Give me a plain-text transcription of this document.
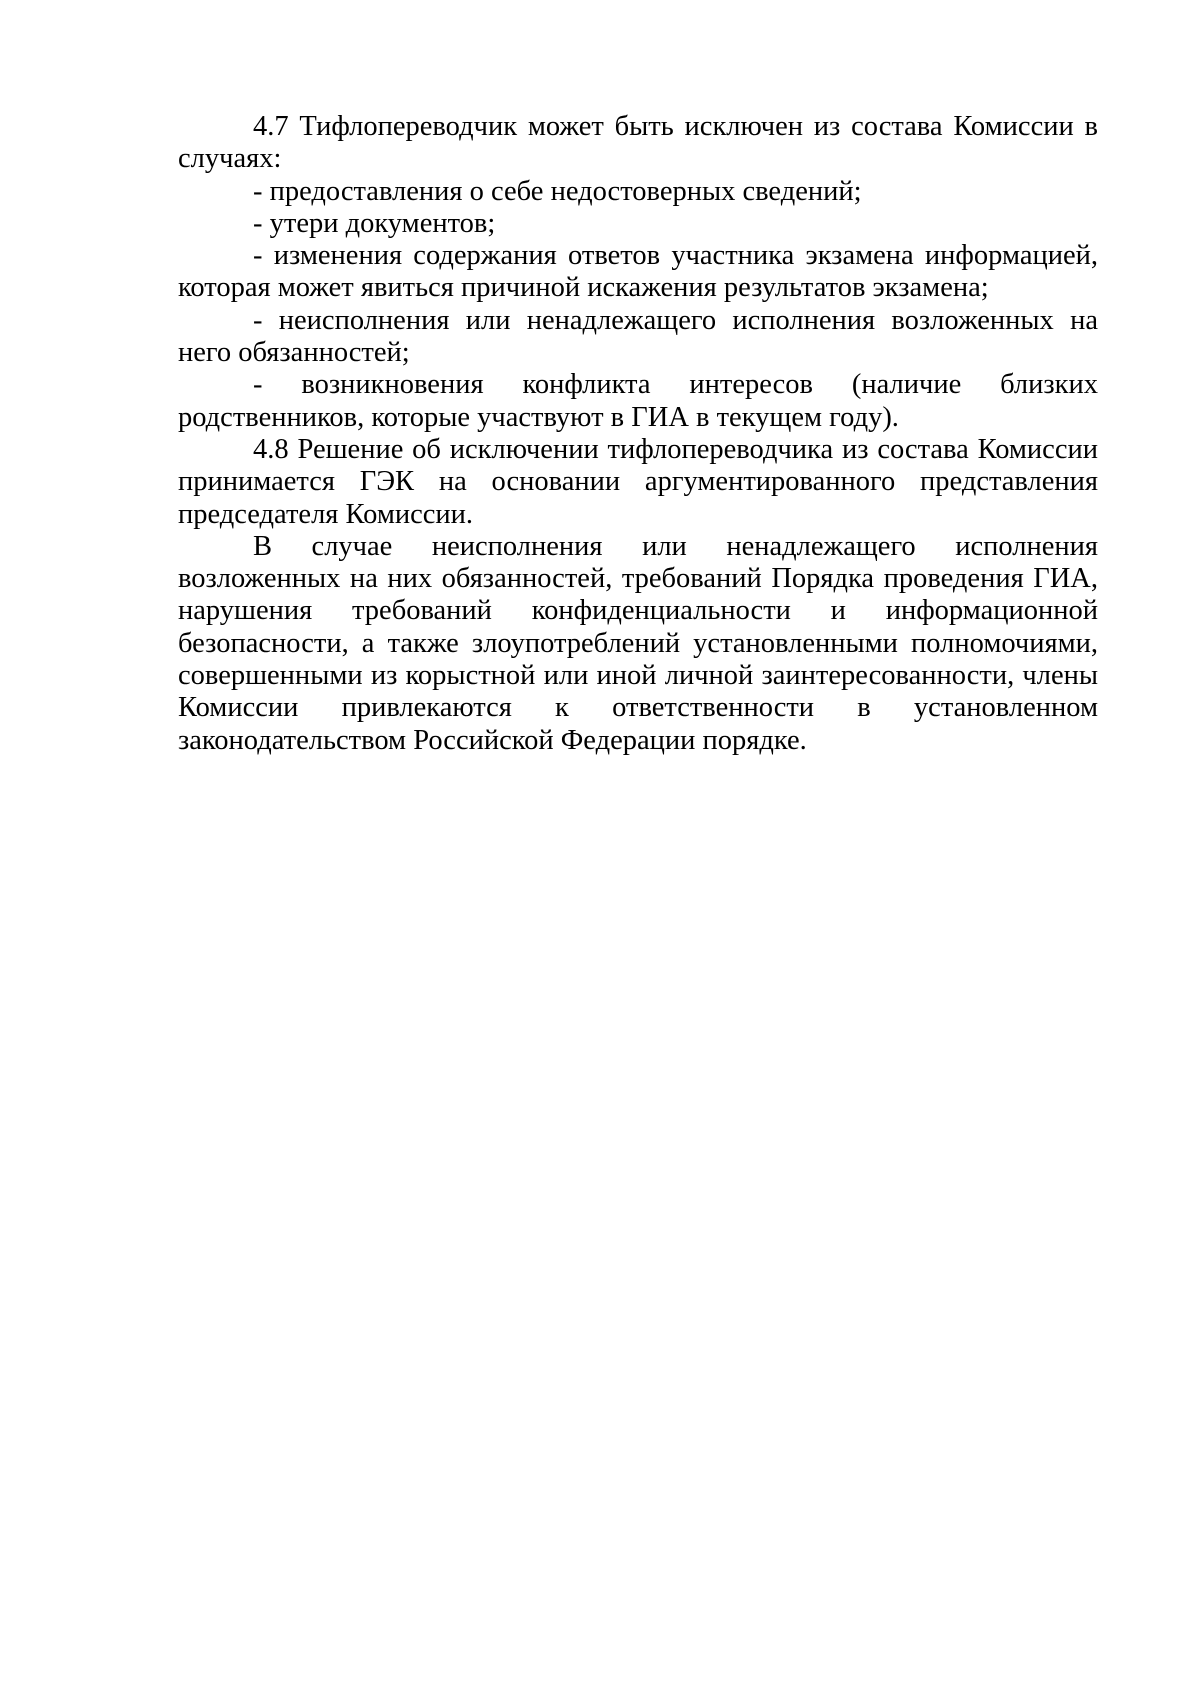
4.7 Тифлопереводчик может быть исключен из состава Комиссии в случаях:

- предоставления о себе недостоверных сведений;

- утери документов;

- изменения содержания ответов участника экзамена информацией, которая может явиться причиной искажения результатов экзамена;

- неисполнения или ненадлежащего исполнения возложенных на него обязанностей;

- возникновения конфликта интересов (наличие близких родственников, которые участвуют в ГИА в текущем году).

4.8 Решение об исключении тифлопереводчика из состава Комиссии принимается ГЭК на основании аргументированного представления председателя Комиссии.

В случае неисполнения или ненадлежащего исполнения возложенных на них обязанностей, требований Порядка проведения ГИА, нарушения требований конфиденциальности и информационной безопасности, а также злоупотреблений установленными полномочиями, совершенными из корыстной или иной личной заинтересованности, члены Комиссии привлекаются к ответственности в установленном законодательством Российской Федерации порядке.
